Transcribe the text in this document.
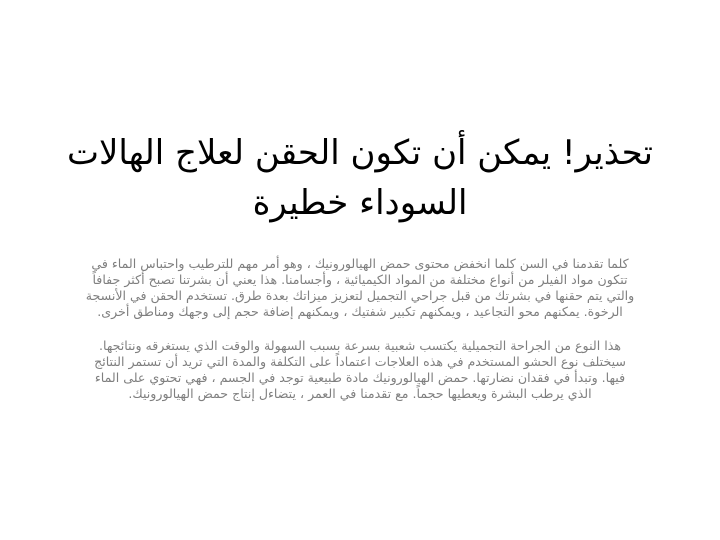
تحذير! يمكن أن تكون الحقن لعلاج الهالات
السوداء خطيرة

كلما تقدمنا في السن كلما انخفض محتوى حمض الهيالورونيك ، وهو أمر مهم للترطيب واحتباس الماء في
تتكون مواد الفيلر من أنواع مختلفة من المواد الكيميائية ، وأجسامنا. هذا يعني أن بشرتنا تصبح أكثر جفافاً
والتي يتم حقنها في بشرتك من قبل جراحي التجميل لتعزيز ميزاتك بعدة طرق. تستخدم الحقن في الأنسجة
الرخوة. يمكنهم محو التجاعيد ، ويمكنهم تكبير شفتيك ، ويمكنهم إضافة حجم إلى وجهك ومناطق أخرى.

هذا النوع من الجراحة التجميلية يكتسب شعبية بسرعة بسبب السهولة والوقت الذي يستغرقه ونتائجها.
سيختلف نوع الحشو المستخدم في هذه العلاجات اعتماداً على التكلفة والمدة التي تريد أن تستمر النتائج
فيها. وتبدأ في فقدان نضارتها. حمض الهيالورونيك مادة طبيعية توجد في الجسم ، فهي تحتوي على الماء
الذي يرطب البشرة ويعطيها حجماً. مع تقدمنا في العمر ، يتضاءل إنتاج حمض الهيالورونيك.
